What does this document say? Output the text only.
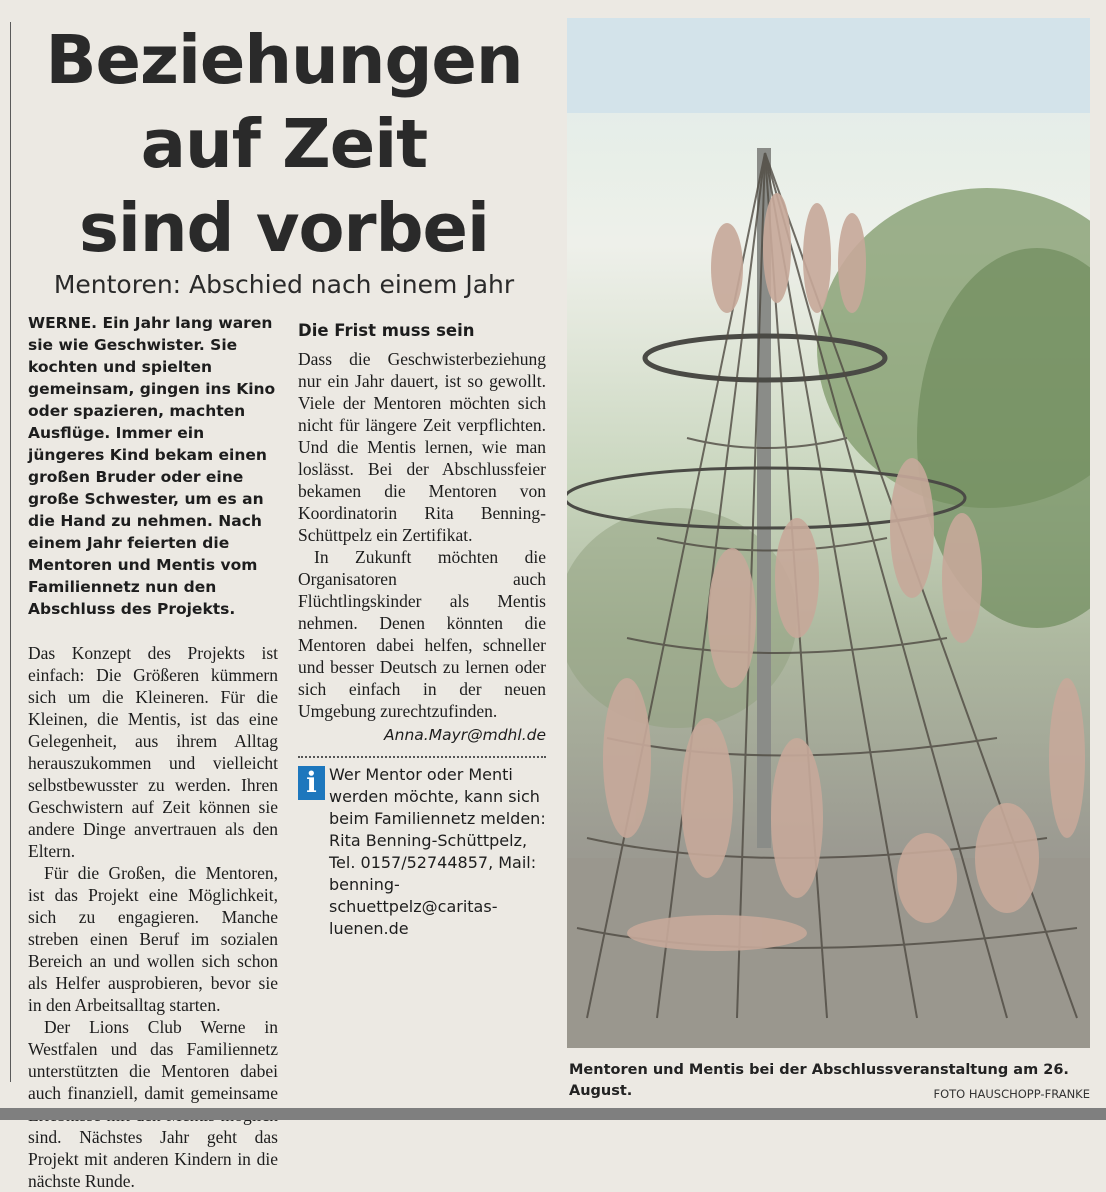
Beziehungen
auf Zeit
sind vorbei
Mentoren: Abschied nach einem Jahr

WERNE. Ein Jahr lang waren sie wie Geschwister. Sie kochten und spielten gemeinsam, gingen ins Kino oder spazieren, machten Ausflüge. Immer ein jüngeres Kind bekam einen großen Bruder oder eine große Schwester, um es an die Hand zu nehmen. Nach einem Jahr feierten die Mentoren und Mentis vom Familiennetz nun den Abschluss des Projekts.

Das Konzept des Projekts ist einfach: Die Größeren kümmern sich um die Kleineren. Für die Kleinen, die Mentis, ist das eine Gelegenheit, aus ihrem Alltag herauszukommen und vielleicht selbstbewusster zu werden. Ihren Geschwistern auf Zeit können sie andere Dinge anvertrauen als den Eltern.

Für die Großen, die Mentoren, ist das Projekt eine Möglichkeit, sich zu engagieren. Manche streben einen Beruf im sozialen Bereich an und wollen sich schon als Helfer ausprobieren, bevor sie in den Arbeitsalltag starten.

Der Lions Club Werne in Westfalen und das Familiennetz unterstützten die Mentoren dabei auch finanziell, damit gemeinsame sind. Nächstes Jahr geht das Projekt mit anderen Kindern in die nächste Runde.

Die Frist muss sein

Dass die Geschwisterbeziehung nur ein Jahr dauert, ist so gewollt. Viele der Mentoren möchten sich nicht für längere Zeit verpflichten. Und die Mentis lernen, wie man loslässt. Bei der Abschlussfeier bekamen die Mentoren von Koordinatorin Rita Benning-Schüttpelz ein Zertifikat.

In Zukunft möchten die Organisatoren auch Flüchtlingskinder als Mentis nehmen. Denen könnten die Mentoren dabei helfen, schneller und besser Deutsch zu lernen oder sich einfach in der neuen Umgebung zurechtzufinden.

Anna.Mayr@mdhl.de

i Wer Mentor oder Menti werden möchte, kann sich beim Familiennetz melden: Rita Benning-Schüttpelz, Tel. 0157/52744857, Mail: benning-schuettpelz@caritas-luenen.de
Mentoren und Mentis bei der Abschlussveranstaltung am 26. August.	FOTO HAUSCHOPP-FRANKE
